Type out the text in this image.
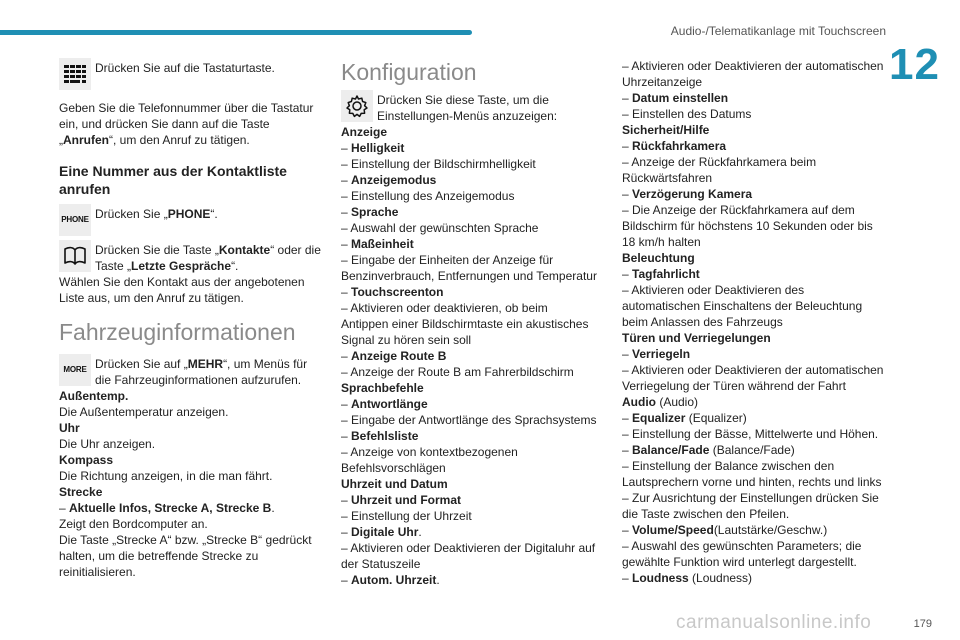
Audio-/Telematikanlage mit Touchscreen
12
Drücken Sie auf die Tastaturtaste.

Geben Sie die Telefonnummer über die Tastatur ein, und drücken Sie dann auf die Taste „Anrufen“, um den Anruf zu tätigen.

Eine Nummer aus der Kontaktliste anrufen
PHONE Drücken Sie „PHONE“.
Drücken Sie die Taste „Kontakte“ oder die Taste „Letzte Gespräche“.

Wählen Sie den Kontakt aus der angebotenen Liste aus, um den Anruf zu tätigen.

Fahrzeuginformationen
MORE Drücken Sie auf „MEHR“, um Menüs für die Fahrzeuginformationen aufzurufen.

Außentemp.

Die Außentemperatur anzeigen.

Uhr

Die Uhr anzeigen.

Kompass

Die Richtung anzeigen, in die man fährt.

Strecke

– Aktuelle Infos, Strecke A, Strecke B.

Zeigt den Bordcomputer an.

Die Taste „Strecke A“ bzw. „Strecke B“ gedrückt halten, um die betreffende Strecke zu reinitialisieren.

Konfiguration
Drücken Sie diese Taste, um die Einstellungen-Menüs anzuzeigen:

Anzeige

– Helligkeit

– Einstellung der Bildschirmhelligkeit

– Anzeigemodus

– Einstellung des Anzeigemodus

– Sprache

– Auswahl der gewünschten Sprache

– Maßeinheit

– Eingabe der Einheiten der Anzeige für Benzinverbrauch, Entfernungen und Temperatur

– Touchscreenton

– Aktivieren oder deaktivieren, ob beim Antippen einer Bildschirmtaste ein akustisches Signal zu hören sein soll

– Anzeige Route B

– Anzeige der Route B am Fahrerbildschirm

Sprachbefehle

– Antwortlänge

– Eingabe der Antwortlänge des Sprachsystems

– Befehlsliste

– Anzeige von kontextbezogenen Befehlsvorschlägen

Uhrzeit und Datum

– Uhrzeit und Format

– Einstellung der Uhrzeit

– Digitale Uhr.

– Aktivieren oder Deaktivieren der Digitaluhr auf der Statuszeile

– Autom. Uhrzeit.

– Aktivieren oder Deaktivieren der automatischen Uhrzeitanzeige

– Datum einstellen

– Einstellen des Datums

Sicherheit/Hilfe

– Rückfahrkamera

– Anzeige der Rückfahrkamera beim Rückwärtsfahren

– Verzögerung Kamera

– Die Anzeige der Rückfahrkamera auf dem Bildschirm für höchstens 10 Sekunden oder bis 18 km/h halten

Beleuchtung

– Tagfahrlicht

– Aktivieren oder Deaktivieren des automatischen Einschaltens der Beleuchtung beim Anlassen des Fahrzeugs

Türen und Verriegelungen

– Verriegeln

– Aktivieren oder Deaktivieren der automatischen Verriegelung der Türen während der Fahrt

Audio (Audio)

– Equalizer (Equalizer)

– Einstellung der Bässe, Mittelwerte und Höhen.

– Balance/Fade (Balance/Fade)

– Einstellung der Balance zwischen den Lautsprechern vorne und hinten, rechts und links

– Zur Ausrichtung der Einstellungen drücken Sie die Taste zwischen den Pfeilen.

– Volume/Speed(Lautstärke/Geschw.)

– Auswahl des gewünschten Parameters; die gewählte Funktion wird unterlegt dargestellt.

– Loudness (Loudness)

carmanualsonline.info	179
